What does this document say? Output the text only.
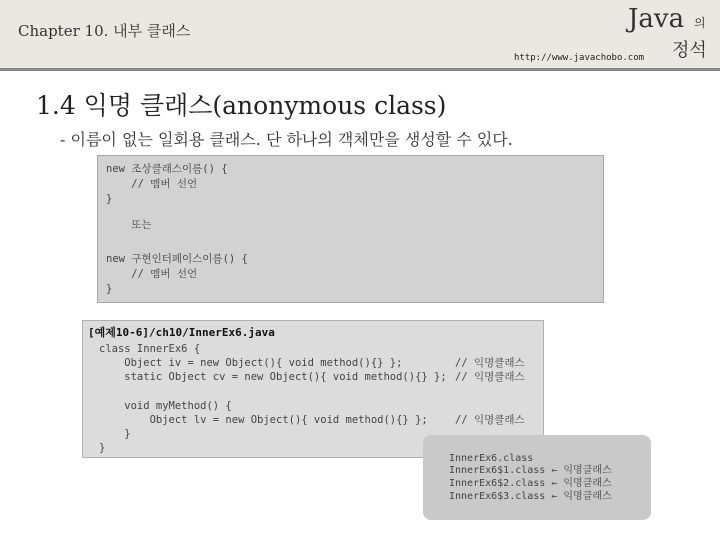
Chapter 10. 내부 클래스	Java 의
정석
http://www.javachobo.com
1.4 익명 클래스(anonymous class)
- 이름이 없는 일회용 클래스. 단 하나의 객체만을 생성할 수 있다.
new 조상클래스이름() {
// 멤버 선언
}
또는
new 구현인터페이스이름() {
// 멤버 선언
}
[예제10-6]/ch10/InnerEx6.java
class InnerEx6 {
Object iv = new Object(){ void method(){} };
static Object cv = new Object(){ void method(){} };
void myMethod() {
Object lv = new Object(){ void method(){} };
}
}
// 익명클래스
// 익명클래스
// 익명클래스
InnerEx6.class
InnerEx6$1.class ← 익명클래스
InnerEx6$2.class ← 익명클래스
InnerEx6$3.class ← 익명클래스
